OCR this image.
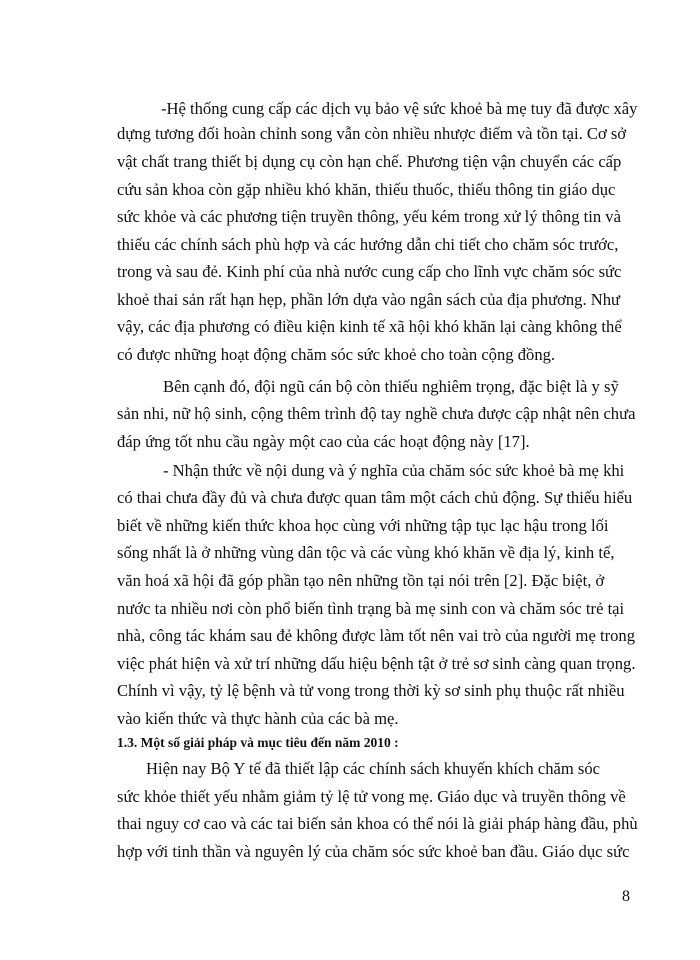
-Hệ thống cung cấp các dịch vụ bảo vệ sức khoẻ bà mẹ tuy đã được xây
dựng tương đối hoàn chỉnh song vẫn còn nhiều nhược điểm và tồn tại. Cơ sở
vật chất trang thiết bị dụng cụ còn hạn chế. Phương tiện vận chuyển các cấp
cứu sản khoa còn gặp nhiều khó khăn, thiếu thuốc, thiếu thông tin giáo dục
sức khỏe và các phương tiện truyền thông, yếu kém trong xử lý thông tin và
thiếu các chính sách phù hợp và các hướng dẫn chi tiết cho chăm sóc trước,
trong và sau đẻ. Kinh phí của nhà nước cung cấp cho lĩnh vực chăm sóc sức
khoẻ thai sản rất hạn hẹp, phần lớn dựa vào ngân sách của địa phương. Như
vậy, các địa phương có điều kiện kinh tế xã hội khó khăn lại càng không thể
có được những hoạt động chăm sóc sức khoẻ cho toàn cộng đồng.
Bên cạnh đó, đội ngũ cán bộ còn thiếu nghiêm trọng, đặc biệt là y sỹ
sản nhi, nữ hộ sinh, cộng thêm trình độ tay nghề chưa được cập nhật nên chưa
đáp ứng tốt nhu cầu ngày một cao của các hoạt động này [17].
- Nhận thức về nội dung và ý nghĩa của chăm sóc sức khoẻ bà mẹ khi
có thai chưa đầy đủ và chưa được quan tâm một cách chủ động. Sự thiếu hiểu
biết về những kiến thức khoa học cùng với những tập tục lạc hậu trong lối
sống nhất là ở những vùng dân tộc và các vùng khó khăn về địa lý, kinh tế,
văn hoá xã hội đã góp phần tạo nên những tồn tại nói trên [2]. Đặc biệt, ở
nước ta nhiều nơi còn phổ biến tình trạng bà mẹ sinh con và chăm sóc trẻ tại
nhà, công tác khám sau đẻ không được làm tốt nên vai trò của người mẹ trong
việc phát hiện và xử trí những dấu hiệu bệnh tật ở trẻ sơ sinh càng quan trọng.
Chính vì vậy, tỷ lệ bệnh và tử vong trong thời kỳ sơ sinh phụ thuộc rất nhiều
vào kiến thức và thực hành của các bà mẹ.
1.3. Một số giải pháp và mục tiêu đến năm 2010 :
Hiện nay Bộ Y tế đã thiết lập các chính sách khuyến khích chăm sóc
sức khỏe thiết yếu nhằm giảm tỷ lệ tử vong mẹ. Giáo dục và truyền thông về
thai nguy cơ cao và các tai biến sản khoa có thể nói là giải pháp hàng đầu, phù
hợp với tinh thần và nguyên lý của chăm sóc sức khoẻ ban đầu. Giáo dục sức
8
